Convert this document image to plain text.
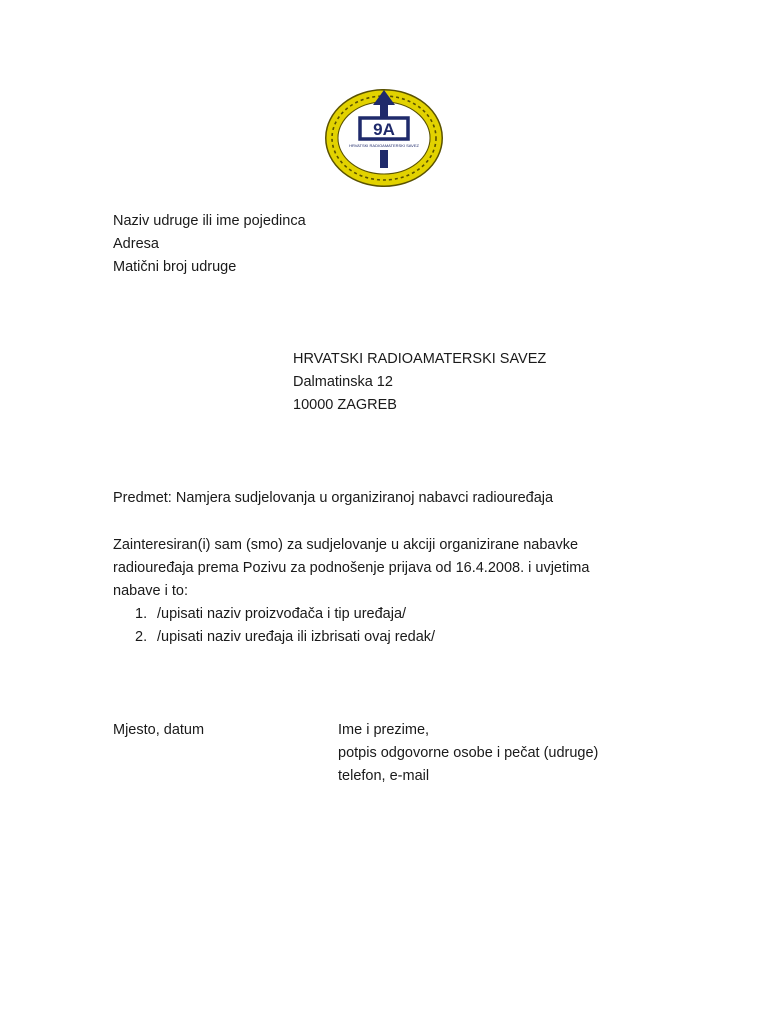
9A
HRVATSKI RADIOAMATERSKI SAVEZ
Naziv udruge ili ime pojedinca
Adresa
Matični broj udruge
HRVATSKI RADIOAMATERSKI SAVEZ
Dalmatinska 12
10000 ZAGREB
Predmet: Namjera sudjelovanja u organiziranoj nabavci radiouređaja
Zainteresiran(i) sam (smo) za sudjelovanje u akciji organizirane nabavke
radiouređaja prema Pozivu za podnošenje prijava od 16.4.2008. i uvjetima
nabave i to:
1. /upisati naziv proizvođača i tip uređaja/
2. /upisati naziv uređaja ili izbrisati ovaj redak/
Mjesto, datum	Ime i prezime,
potpis odgovorne osobe i pečat (udruge)
telefon, e-mail
